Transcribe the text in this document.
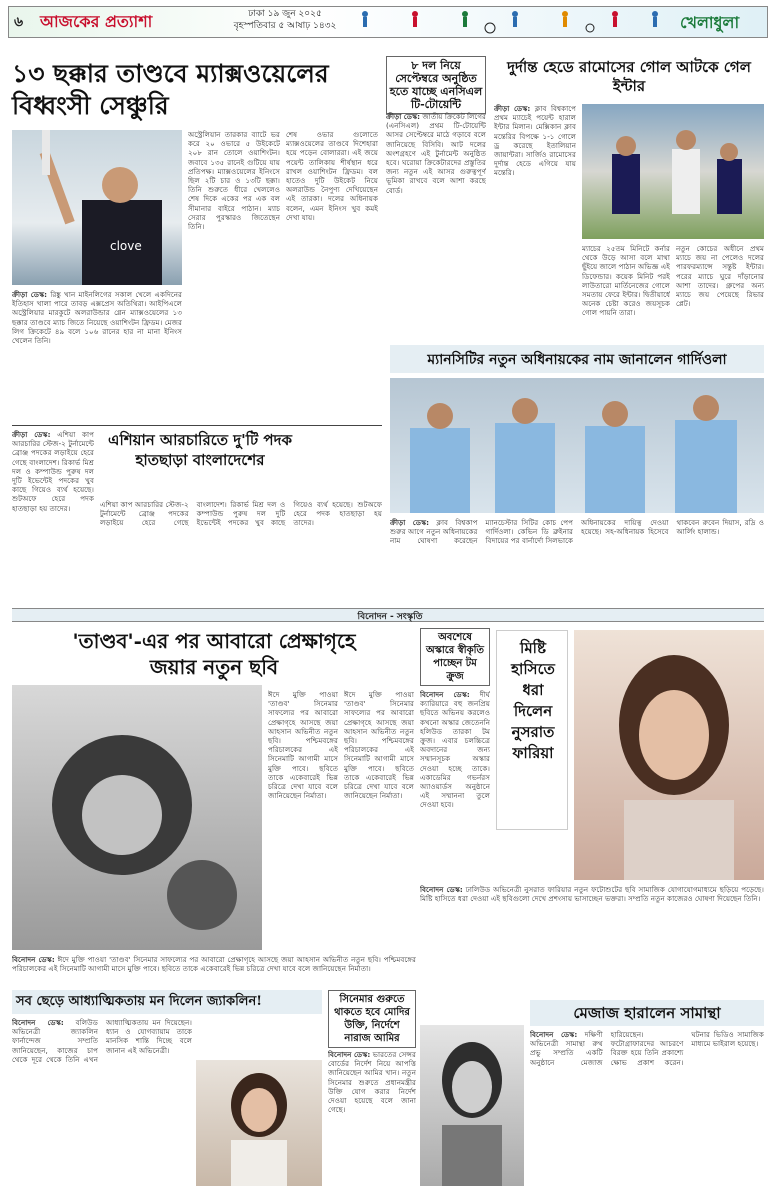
৬ আজকের প্রত্যাশা	ঢাকা ১৯ জুন ২০২৫
বৃহস্পতিবার ৫ আষাঢ় ১৪৩২	খেলাধুলা
১৩ ছক্কার তাণ্ডবে ম্যাক্সওয়েলের
বিধ্বংসী সেঞ্চুরি
clove
অস্ট্রেলিয়ান তারকার ব্যাটে ভর করে ২০ ওভারে ৫ উইকেটে ২০৮ রান তোলে ওয়াশিংটন। জবাবে ১৩৫ রানেই গুটিয়ে যায় প্রতিপক্ষ। ম্যাক্সওয়েলের ইনিংসে ছিল ২টি চার ও ১৩টি ছক্কা। তিনি শুরুতে ধীরে খেললেও শেষ দিকে একের পর এক বল সীমানার বাইরে পাঠান। ম্যাচ সেরার পুরস্কারও জিতেছেন তিনি।
শেষ ওভার গুলোতে ম্যাক্সওয়েলের তাণ্ডবে দিশেহারা হয়ে পড়েন বোলাররা। এই জয়ে পয়েন্ট তালিকায় শীর্ষস্থান ধরে রাখল ওয়াশিংটন ফ্রিডম। বল হাতেও দুটি উইকেট নিয়ে অলরাউন্ড নৈপুণ্য দেখিয়েছেন এই তারকা। দলের অধিনায়ক বলেন, এমন ইনিংস খুব কমই দেখা যায়।
ক্রীড়া ডেস্ক: রিঙ্কু খান মাইনলিগের সকাল খেলে একদিনের ইতিহাস খালা পারে তাবড় এক্সপ্রেস অতিথিরা। আইপিএলে অস্ট্রেলিয়ার মারকুটে অলরাউন্ডার গ্লেন ম্যাক্সওয়েলের ১৩ ছক্কার তাণ্ডবে ম্যাচ জিতে নিয়েছে ওয়াশিংটন ফ্রিডম। মেজর লিগ ক্রিকেটে ৪৯ বলে ১০৬ রানের হার না মানা ইনিংস খেলেন তিনি।
৮ দল নিয়ে সেপ্টেম্বরে অনুষ্ঠিত হতে যাচ্ছে এনসিএল টি-টোয়েন্টি
ক্রীড়া ডেস্ক: জাতীয় ক্রিকেট লিগের (এনসিএল) প্রথম টি-টোয়েন্টি আসর সেপ্টেম্বরে মাঠে গড়াবে বলে জানিয়েছে বিসিবি। আট দলের অংশগ্রহণে এই টুর্নামেন্ট অনুষ্ঠিত হবে। ঘরোয়া ক্রিকেটারদের প্রস্তুতির জন্য নতুন এই আসর গুরুত্বপূর্ণ ভূমিকা রাখবে বলে আশা করছে বোর্ড।
দুর্দান্ত হেডে রামোসের গোল আটকে গেল ইন্টার
ক্রীড়া ডেস্ক: ক্লাব বিশ্বকাপে প্রথম ম্যাচেই পয়েন্ট হারাল ইন্টার মিলান। মেক্সিকান ক্লাব মন্তেরির বিপক্ষে ১-১ গোলে ড্র করেছে ইতালিয়ান জায়ান্টরা। সার্জিও রামোসের দুর্দান্ত হেডে এগিয়ে যায় মন্তেরি।
ম্যাচের ২৫তম মিনিটে কর্নার থেকে উড়ে আসা বলে মাথা ছুঁইয়ে জালে পাঠান অভিজ্ঞ এই ডিফেন্ডার। কয়েক মিনিট পরই লাউতারো মার্তিনেজের গোলে সমতায় ফেরে ইন্টার। দ্বিতীয়ার্ধে অনেক চেষ্টা করেও জয়সূচক গোল পায়নি তারা।
নতুন কোচের অধীনে প্রথম ম্যাচে জয় না পেলেও দলের পারফরম্যান্সে সন্তুষ্ট ইন্টার। পরের ম্যাচে ঘুরে দাঁড়ানোর আশা তাদের। গ্রুপের অন্য ম্যাচে জয় পেয়েছে রিভার প্লেট।
ম্যানসিটির নতুন অধিনায়কের নাম জানালেন গার্দিওলা
ক্রীড়া ডেস্ক: ক্লাব বিশ্বকাপ শুরুর আগে নতুন অধিনায়কের নাম ঘোষণা করেছেন ম্যানচেস্টার সিটির কোচ পেপ গার্দিওলা। কেভিন ডি ব্রুইনার বিদায়ের পর বার্নার্দো সিলভাকে অধিনায়কের দায়িত্ব দেওয়া হয়েছে। সহ-অধিনায়ক হিসেবে থাকবেন রুবেন দিয়াস, রদ্রি ও আর্লিং হালান্ড।
এশিয়ান আরচারিতে দু'টি পদক হাতছাড়া বাংলাদেশের
ক্রীড়া ডেস্ক: এশিয়া কাপ আরচারির স্টেজ-২ টুর্নামেন্টে ব্রোঞ্জ পদকের লড়াইয়ে হেরে গেছে বাংলাদেশ। রিকার্ভ মিশ্র দল ও কম্পাউন্ড পুরুষ দল দুটি ইভেন্টেই পদকের খুব কাছে গিয়েও ব্যর্থ হয়েছে। শুটঅফে হেরে পদক হাতছাড়া হয় তাদের।	এশিয়া কাপ আরচারির স্টেজ-২ টুর্নামেন্টে ব্রোঞ্জ পদকের লড়াইয়ে হেরে গেছে বাংলাদেশ। রিকার্ভ মিশ্র দল ও কম্পাউন্ড পুরুষ দল দুটি ইভেন্টেই পদকের খুব কাছে গিয়েও ব্যর্থ হয়েছে। শুটঅফে হেরে পদক হাতছাড়া হয় তাদের।
বিনোদন - সংস্কৃতি
'তাণ্ডব'-এর পর আবারো প্রেক্ষাগৃহে
জয়ার নতুন ছবি
ঈদে মুক্তি পাওয়া 'তাণ্ডব' সিনেমার সাফল্যের পর আবারো প্রেক্ষাগৃহে আসছে জয়া আহসান অভিনীত নতুন ছবি। পশ্চিমবঙ্গের পরিচালকের এই সিনেমাটি আগামী মাসে মুক্তি পাবে। ছবিতে তাকে একেবারেই ভিন্ন চরিত্রে দেখা যাবে বলে জানিয়েছেন নির্মাতা।
ঈদে মুক্তি পাওয়া 'তাণ্ডব' সিনেমার সাফল্যের পর আবারো প্রেক্ষাগৃহে আসছে জয়া আহসান অভিনীত নতুন ছবি। পশ্চিমবঙ্গের পরিচালকের এই সিনেমাটি আগামী মাসে মুক্তি পাবে। ছবিতে তাকে একেবারেই ভিন্ন চরিত্রে দেখা যাবে বলে জানিয়েছেন নির্মাতা।
বিনোদন ডেস্ক: ঈদে মুক্তি পাওয়া 'তাণ্ডব' সিনেমার সাফল্যের পর আবারো প্রেক্ষাগৃহে আসছে জয়া আহসান অভিনীত নতুন ছবি। পশ্চিমবঙ্গের পরিচালকের এই সিনেমাটি আগামী মাসে মুক্তি পাবে। ছবিতে তাকে একেবারেই ভিন্ন চরিত্রে দেখা যাবে বলে জানিয়েছেন নির্মাতা।
অবশেষে অস্কারে স্বীকৃতি পাচ্ছেন টম ক্রুজ
বিনোদন ডেস্ক: দীর্ঘ ক্যারিয়ারে বহু জনপ্রিয় ছবিতে অভিনয় করলেও কখনো অস্কার জেতেননি হলিউড তারকা টম ক্রুজ। এবার চলচ্চিত্রে অবদানের জন্য সম্মানসূচক অস্কার দেওয়া হচ্ছে তাকে। একাডেমির গভর্নরস অ্যাওয়ার্ডস অনুষ্ঠানে এই সম্মাননা তুলে দেওয়া হবে।
মিষ্টি
হাসিতে
ধরা
দিলেন
নুসরাত
ফারিয়া
বিনোদন ডেস্ক: ঢালিউড অভিনেত্রী নুসরাত ফারিয়ার নতুন ফটোশুটের ছবি সামাজিক যোগাযোগমাধ্যমে ছড়িয়ে পড়েছে। মিষ্টি হাসিতে ধরা দেওয়া এই ছবিগুলো দেখে প্রশংসায় ভাসাচ্ছেন ভক্তরা। সম্প্রতি নতুন কাজেরও ঘোষণা দিয়েছেন তিনি।
সব ছেড়ে আধ্যাত্মিকতায় মন দিলেন জ্যাকলিন!
বিনোদন ডেস্ক: বলিউড অভিনেত্রী জ্যাকলিন ফার্নান্দেজ সম্প্রতি জানিয়েছেন, কাজের চাপ থেকে দূরে থেকে তিনি এখন আধ্যাত্মিকতায় মন দিয়েছেন। ধ্যান ও যোগব্যায়াম তাকে মানসিক শান্তি দিচ্ছে বলে জানান এই অভিনেত্রী।
সিনেমার গুরুতে থাকতে হবে মোদির উক্তি, নির্দেশে নারাজ আমির
বিনোদন ডেস্ক: ভারতের সেন্সর বোর্ডের নির্দেশ নিয়ে আপত্তি জানিয়েছেন আমির খান। নতুন সিনেমার শুরুতে প্রধানমন্ত্রীর উক্তি যোগ করার নির্দেশ দেওয়া হয়েছে বলে জানা গেছে।
মেজাজ হারালেন সামান্থা
বিনোদন ডেস্ক: দক্ষিণী অভিনেত্রী সামান্থা রুথ প্রভু সম্প্রতি একটি অনুষ্ঠানে মেজাজ হারিয়েছেন। ফটোগ্রাফারদের আচরণে বিরক্ত হয়ে তিনি প্রকাশ্যে ক্ষোভ প্রকাশ করেন। ঘটনার ভিডিও সামাজিক মাধ্যমে ভাইরাল হয়েছে।
